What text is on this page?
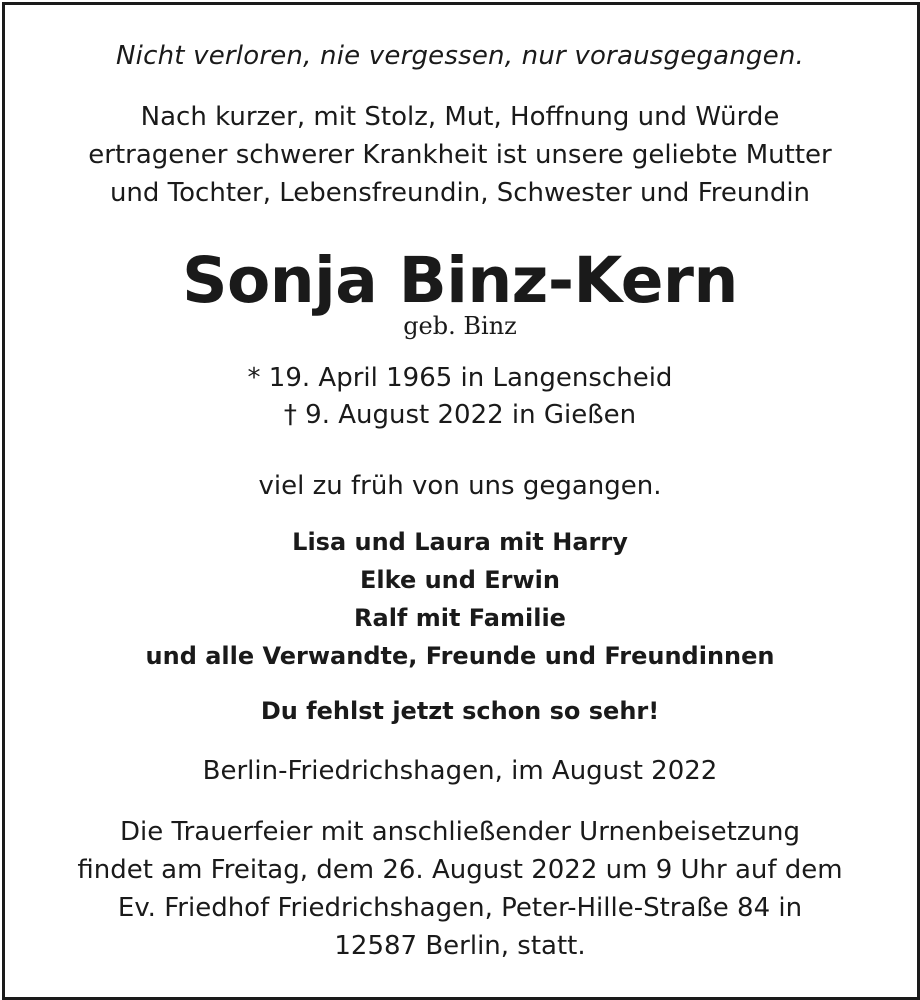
Nicht verloren, nie vergessen, nur vorausgegangen.

Nach kurzer, mit Stolz, Mut, Hoffnung und Würde

ertragener schwerer Krankheit ist unsere geliebte Mutter

und Tochter, Lebensfreundin, Schwester und Freundin

Sonja Binz-Kern

geb. Binz

* 19. April 1965 in Langenscheid

† 9. August 2022 in Gießen

viel zu früh von uns gegangen.

Lisa und Laura mit Harry

Elke und Erwin

Ralf mit Familie

und alle Verwandte, Freunde und Freundinnen

Du fehlst jetzt schon so sehr!

Berlin-Friedrichshagen, im August 2022

Die Trauerfeier mit anschließender Urnenbeisetzung

findet am Freitag, dem 26. August 2022 um 9 Uhr auf dem

Ev. Friedhof Friedrichshagen, Peter-Hille-Straße 84 in

12587 Berlin, statt.
